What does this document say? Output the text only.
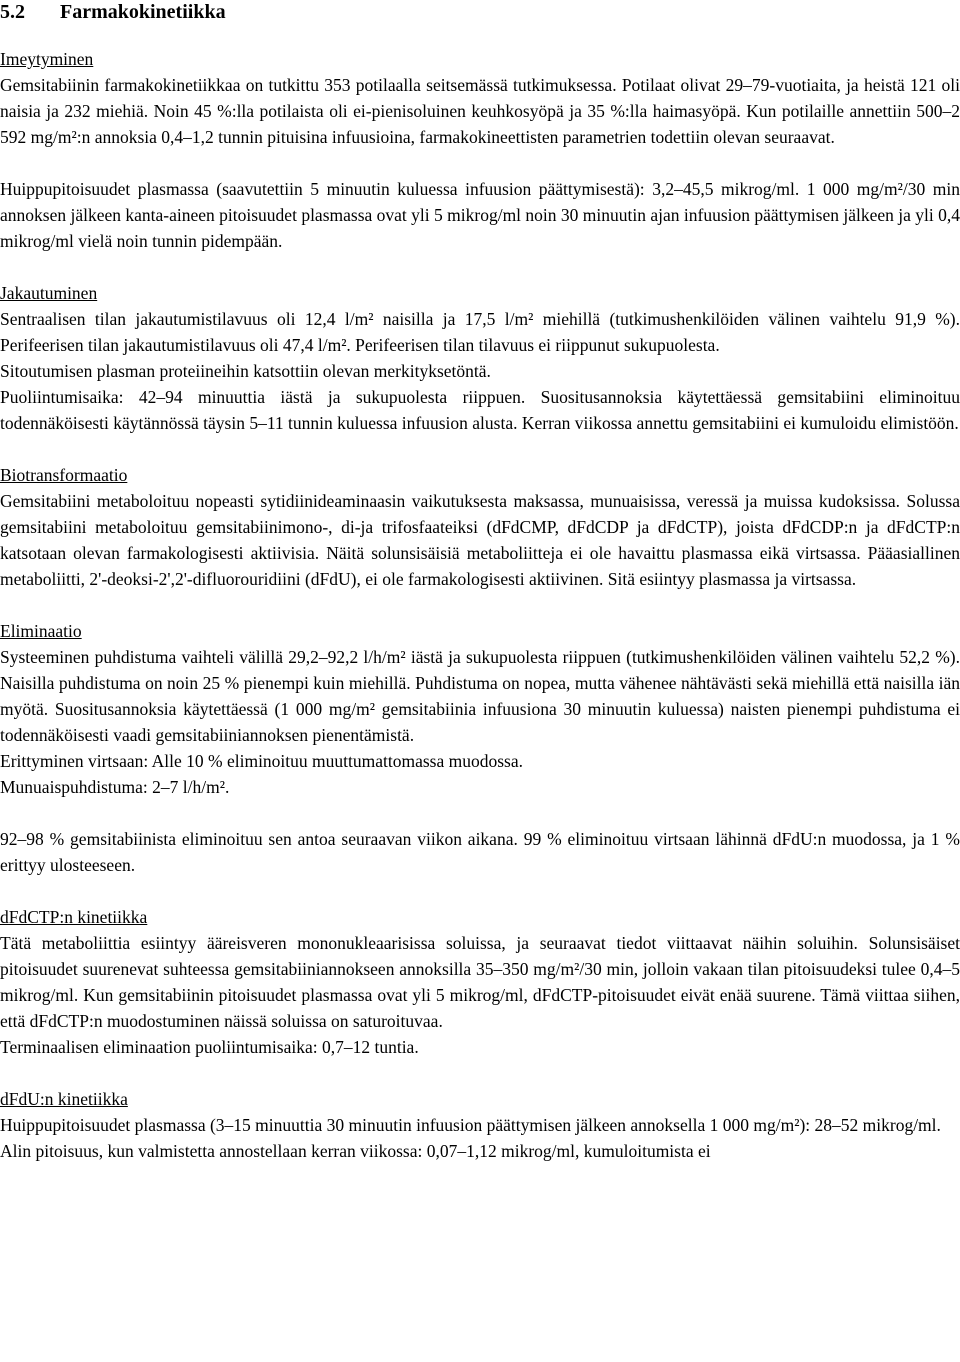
5.2 Farmakokinetiikka

Imeytyminen

Gemsitabiinin farmakokinetiikkaa on tutkittu 353 potilaalla seitsemässä tutkimuksessa. Potilaat olivat 29–79-vuotiaita, ja heistä 121 oli naisia ja 232 miehiä. Noin 45 %:lla potilaista oli ei-pienisoluinen keuhkosyöpä ja 35 %:lla haimasyöpä. Kun potilaille annettiin 500–2 592 mg/m²:n annoksia 0,4–1,2 tunnin pituisina infuusioina, farmakokineettisten parametrien todettiin olevan seuraavat.

Huippupitoisuudet plasmassa (saavutettiin 5 minuutin kuluessa infuusion päättymisestä): 3,2–45,5 mikrog/ml. 1 000 mg/m²/30 min annoksen jälkeen kanta-aineen pitoisuudet plasmassa ovat yli 5 mikrog/ml noin 30 minuutin ajan infuusion päättymisen jälkeen ja yli 0,4 mikrog/ml vielä noin tunnin pidempään.

Jakautuminen

Sentraalisen tilan jakautumistilavuus oli 12,4 l/m² naisilla ja 17,5 l/m² miehillä (tutkimushenkilöiden välinen vaihtelu 91,9 %). Perifeerisen tilan jakautumistilavuus oli 47,4 l/m². Perifeerisen tilan tilavuus ei riippunut sukupuolesta.

Sitoutumisen plasman proteiineihin katsottiin olevan merkityksetöntä.

Puoliintumisaika: 42–94 minuuttia iästä ja sukupuolesta riippuen. Suositusannoksia käytettäessä gemsitabiini eliminoituu todennäköisesti käytännössä täysin 5–11 tunnin kuluessa infuusion alusta. Kerran viikossa annettu gemsitabiini ei kumuloidu elimistöön.

Biotransformaatio

Gemsitabiini metaboloituu nopeasti sytidiinideaminaasin vaikutuksesta maksassa, munuaisissa, veressä ja muissa kudoksissa. Solussa gemsitabiini metaboloituu gemsitabiinimono-, di-ja trifosfaateiksi (dFdCMP, dFdCDP ja dFdCTP), joista dFdCDP:n ja dFdCTP:n katsotaan olevan farmakologisesti aktiivisia. Näitä solunsisäisiä metaboliitteja ei ole havaittu plasmassa eikä virtsassa. Pääasiallinen metaboliitti, 2'-deoksi-2',2'-difluorouridiini (dFdU), ei ole farmakologisesti aktiivinen. Sitä esiintyy plasmassa ja virtsassa.

Eliminaatio

Systeeminen puhdistuma vaihteli välillä 29,2–92,2 l/h/m² iästä ja sukupuolesta riippuen (tutkimushenkilöiden välinen vaihtelu 52,2 %). Naisilla puhdistuma on noin 25 % pienempi kuin miehillä. Puhdistuma on nopea, mutta vähenee nähtävästi sekä miehillä että naisilla iän myötä. Suositusannoksia käytettäessä (1 000 mg/m² gemsitabiinia infuusiona 30 minuutin kuluessa) naisten pienempi puhdistuma ei todennäköisesti vaadi gemsitabiiniannoksen pienentämistä.

Erittyminen virtsaan: Alle 10 % eliminoituu muuttumattomassa muodossa.

Munuaispuhdistuma: 2–7 l/h/m².

92–98 % gemsitabiinista eliminoituu sen antoa seuraavan viikon aikana. 99 % eliminoituu virtsaan lähinnä dFdU:n muodossa, ja 1 % erittyy ulosteeseen.

dFdCTP:n kinetiikka

Tätä metaboliittia esiintyy ääreisveren mononukleaarisissa soluissa, ja seuraavat tiedot viittaavat näihin soluihin. Solunsisäiset pitoisuudet suurenevat suhteessa gemsitabiiniannokseen annoksilla 35–350 mg/m²/30 min, jolloin vakaan tilan pitoisuudeksi tulee 0,4–5 mikrog/ml. Kun gemsitabiinin pitoisuudet plasmassa ovat yli 5 mikrog/ml, dFdCTP-pitoisuudet eivät enää suurene. Tämä viittaa siihen, että dFdCTP:n muodostuminen näissä soluissa on saturoituvaa.

Terminaalisen eliminaation puoliintumisaika: 0,7–12 tuntia.

dFdU:n kinetiikka

Huippupitoisuudet plasmassa (3–15 minuuttia 30 minuutin infuusion päättymisen jälkeen annoksella 1 000 mg/m²): 28–52 mikrog/ml.

Alin pitoisuus, kun valmistetta annostellaan kerran viikossa: 0,07–1,12 mikrog/ml, kumuloitumista ei
